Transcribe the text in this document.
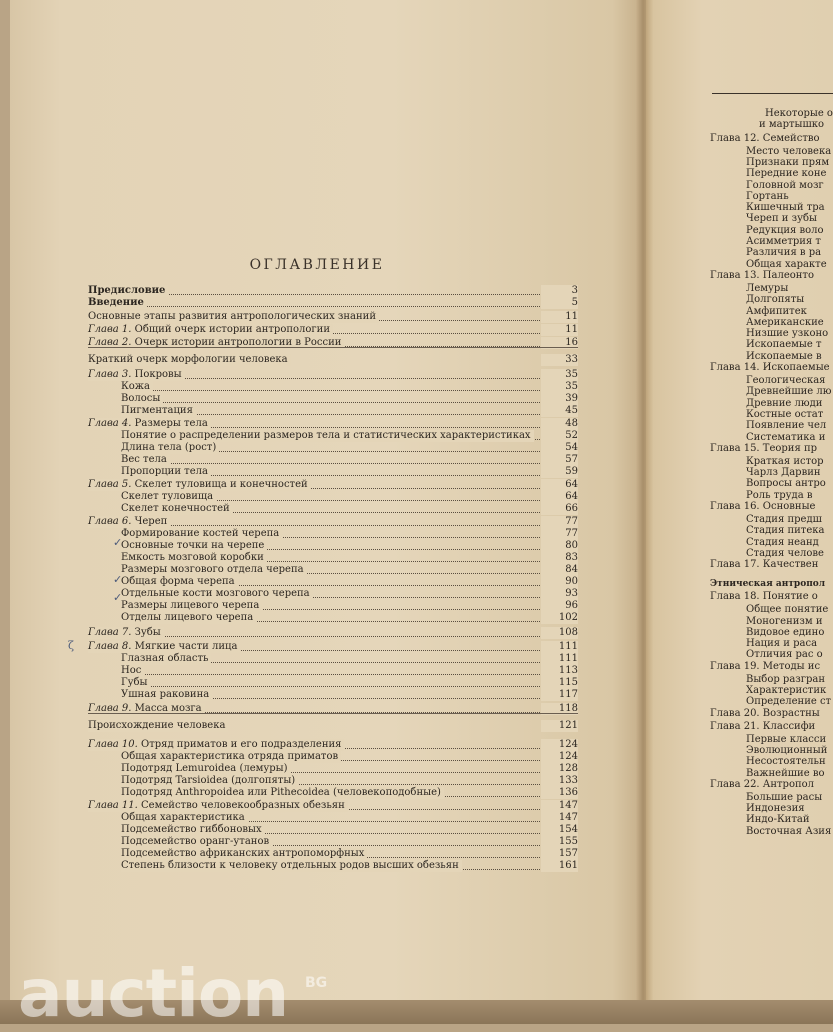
Некоторые о
и мартышко
Глава 12. Семейство
Место человека
Признаки прям
Передние коне
Головной мозг
Гортань
Кишечный тра
Череп и зубы
Редукция воло
Асимметрия т
Различия в ра
Общая характе
Глава 13. Палеонто
Лемуры
Долгопяты
Амфипитек
Американские
Низшие узконо
Ископаемые т
Ископаемые в
Глава 14. Ископаемые
Геологическая
Древнейшие лю
Древние люди
Костные остат
Появление чел
Систематика и
Глава 15. Теория пр
Краткая истор
Чарлз Дарвин
Вопросы антро
Роль труда в
Глава 16. Основные
Стадия предш
Стадия питека
Стадия неанд
Стадия челове
Глава 17. Качествен
Этническая антропол
Глава 18. Понятие о
Общее понятие
Моногенизм и
Видовое едино
Нация и раса
Отличия рас о
Глава 19. Методы ис
Выбор разгран
Характеристик
Определение ст
Глава 20. Возрастны
Глава 21. Классифи
Первые класси
Эволюционный
Несостоятельн
Важнейшие во
Глава 22. Антропол
Большие расы
Индонезия
Индо-Китай
Восточная Азия
ОГЛАВЛЕНИЕ
Предисловие	3
Введение	5
Основные этапы развития антропологических знаний	11
Глава 1. Общий очерк истории антропологии	11
Глава 2. Очерк истории антропологии в России	16
Краткий очерк морфологии человека	33
Глава 3. Покровы	35
Кожа	35
Волосы	39
Пигментация	45
Глава 4. Размеры тела	48
Понятие о распределении размеров тела и статистических характеристиках	52
Длина тела (рост)	54
Вес тела	57
Пропорции тела	59
Глава 5. Скелет туловища и конечностей	64
Скелет туловища	64
Скелет конечностей	66
Глава 6. Череп	77
Формирование костей черепа	77
Основные точки на черепе	80
Емкость мозговой коробки	83
Размеры мозгового отдела черепа	84
Общая форма черепа	90
Отдельные кости мозгового черепа	93
Размеры лицевого черепа	96
Отделы лицевого черепа	102
Глава 7. Зубы	108
Глава 8. Мягкие части лица	111
Глазная область	111
Нос	113
Губы	115
Ушная раковина	117
Глава 9. Масса мозга	118
Происхождение человека	121
Глава 10. Отряд приматов и его подразделения	124
Общая характеристика отряда приматов	124
Подотряд Lemuroidea (лемуры)	128
Подотряд Tarsioidea (долгопяты)	133
Подотряд Anthropoidea или Pithecoidea (человекоподобные)	136
Глава 11. Семейство человекообразных обезьян	147
Общая характеристика	147
Подсемейство гиббоновых	154
Подсемейство оранг-утанов	155
Подсемейство африканских антропоморфных	157
Степень близости к человеку отдельных родов высших обезьян	161
✓
✓
✓
ζ
auction BG
